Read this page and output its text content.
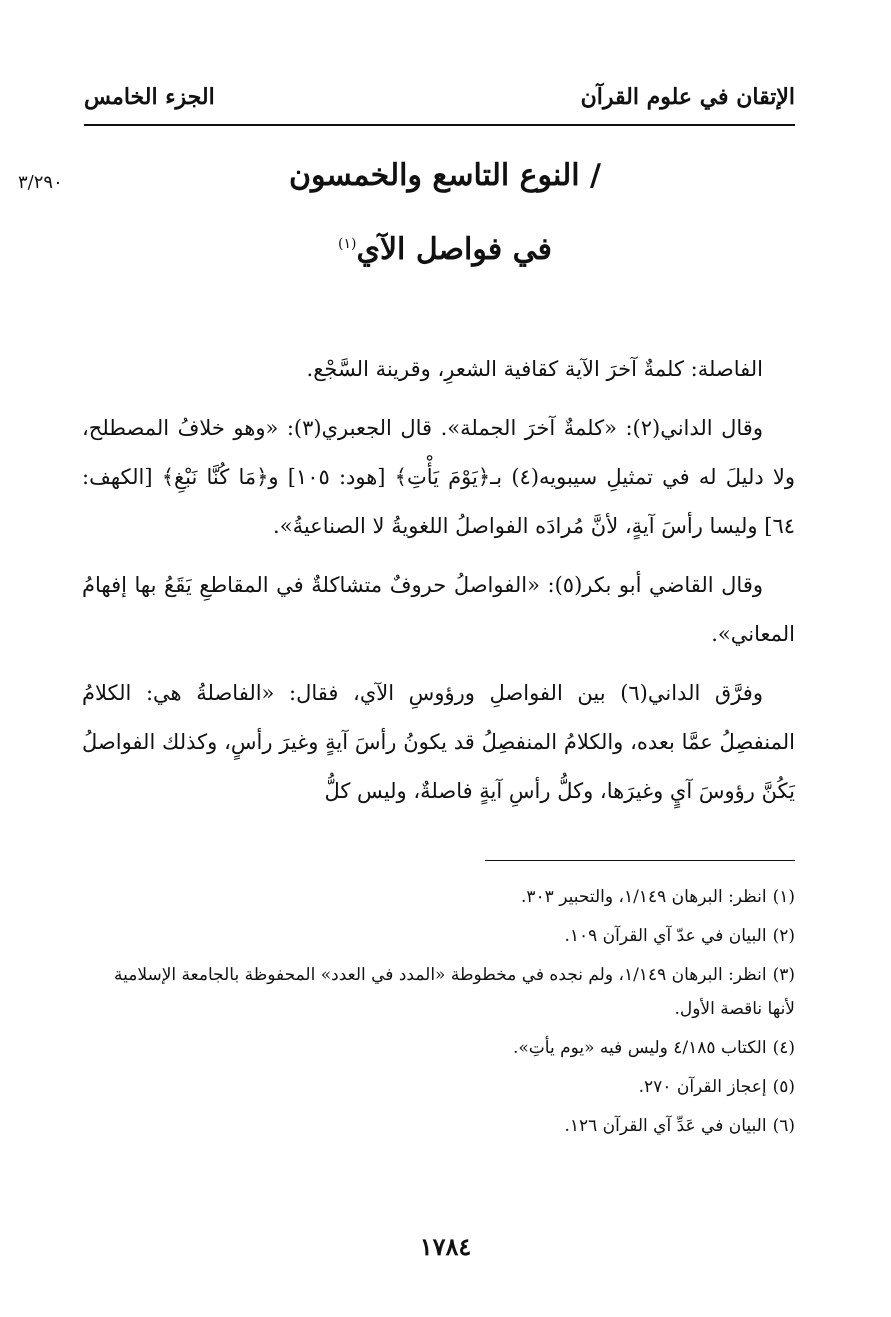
الإتقان في علوم القرآن
الجزء الخامس
٣/٢٩٠	/ النوع التاسع والخمسون
في فواصل الآي$^{(١)}$

الفاصلة: كلمةٌ آخرَ الآية كقافية الشعرِ، وقرينة السَّجْع.

وقال الداني(٢): «كلمةٌ آخرَ الجملة». قال الجعبري(٣): «وهو خلافُ المصطلح، ولا دليلَ له في تمثيلِ سيبويه(٤) بـ﴿يَوْمَ يَأْتِ﴾ [هود: ١٠٥] و﴿مَا كُنَّا نَبْغِ﴾ [الكهف: ٦٤] وليسا رأسَ آيةٍ، لأنَّ مُرادَه الفواصلُ اللغويةُ لا الصناعيةُ».

وقال القاضي أبو بكر(٥): «الفواصلُ حروفٌ متشاكلةٌ في المقاطعِ يَقَعُ بها إفهامُ المعاني».

وفرَّق الداني(٦) بين الفواصلِ ورؤوسِ الآي، فقال: «الفاصلةُ هي: الكلامُ المنفصِلُ عمَّا بعده، والكلامُ المنفصِلُ قد يكونُ رأسَ آيةٍ وغيرَ رأسٍ، وكذلك الفواصلُ يَكُنَّ رؤوسَ آيٍ وغيرَها، وكلُّ رأسِ آيةٍ فاصلةٌ، وليس كلُّ

(١)انظر: البرهان ١/١٤٩، والتحبير ٣٠٣.
(٢)البيان في عدّ آي القرآن ١٠٩.
(٣)انظر: البرهان ١/١٤٩، ولم نجده في مخطوطة «المدد في العدد» المحفوظة بالجامعة الإسلامية لأنها ناقصة الأول.
(٤)الكتاب ٤/١٨٥ وليس فيه «يوم يأتِ».
(٥)إعجاز القرآن ٢٧٠.
(٦)البيان في عَدِّ آي القرآن ١٢٦.
١٧٨٤
